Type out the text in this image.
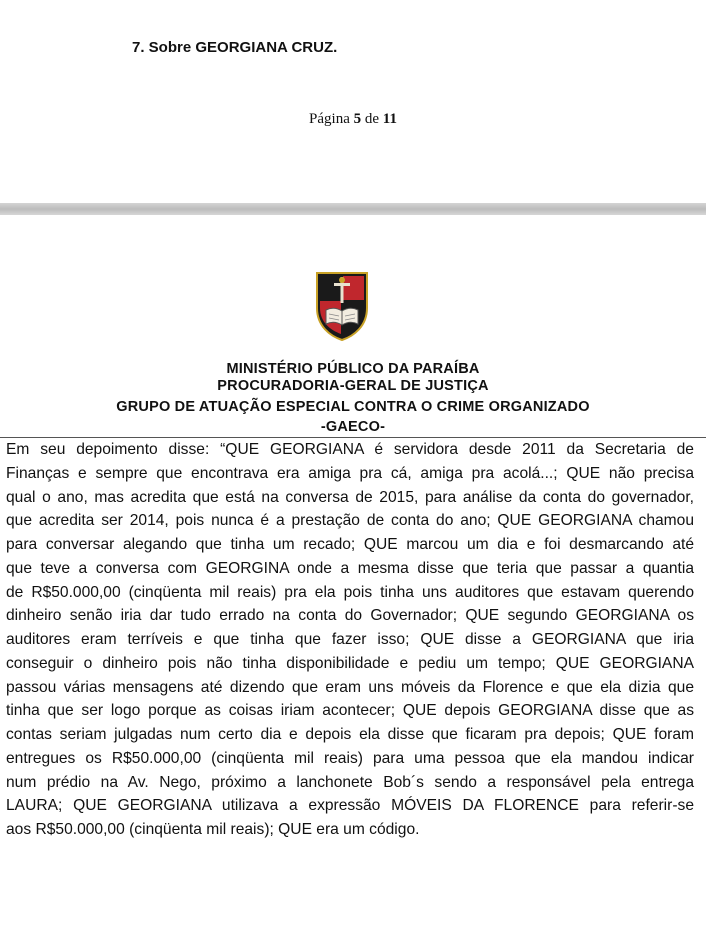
7. Sobre GEORGIANA CRUZ.
Página 5 de 11
MINISTÉRIO PÚBLICO DA PARAÍBA
PROCURADORIA-GERAL DE JUSTIÇA
GRUPO DE ATUAÇÃO ESPECIAL CONTRA O CRIME ORGANIZADO
-GAECO-
Em seu depoimento disse: “QUE GEORGIANA é servidora desde 2011 da Secretaria de
Finanças e sempre que encontrava era amiga pra cá, amiga pra acolá...; QUE não precisa
qual o ano, mas acredita que está na conversa de 2015, para análise da conta do governador,
que acredita ser 2014, pois nunca é a prestação de conta do ano; QUE GEORGIANA chamou
para conversar alegando que tinha um recado; QUE marcou um dia e foi desmarcando até
que teve a conversa com GEORGINA onde a mesma disse que teria que passar a quantia
de R$50.000,00 (cinqüenta mil reais) pra ela pois tinha uns auditores que estavam querendo
dinheiro senão iria dar tudo errado na conta do Governador; QUE segundo GEORGIANA os
auditores eram terríveis e que tinha que fazer isso; QUE disse a GEORGIANA que iria
conseguir o dinheiro pois não tinha disponibilidade e pediu um tempo; QUE GEORGIANA
passou várias mensagens até dizendo que eram uns móveis da Florence e que ela dizia que
tinha que ser logo porque as coisas iriam acontecer; QUE depois GEORGIANA disse que as
contas seriam julgadas num certo dia e depois ela disse que ficaram pra depois; QUE foram
entregues os R$50.000,00 (cinqüenta mil reais) para uma pessoa que ela mandou indicar
num prédio na Av. Nego, próximo a lanchonete Bob´s sendo a responsável pela entrega
LAURA; QUE GEORGIANA utilizava a expressão MÓVEIS DA FLORENCE para referir-se
aos R$50.000,00 (cinqüenta mil reais); QUE era um código.
